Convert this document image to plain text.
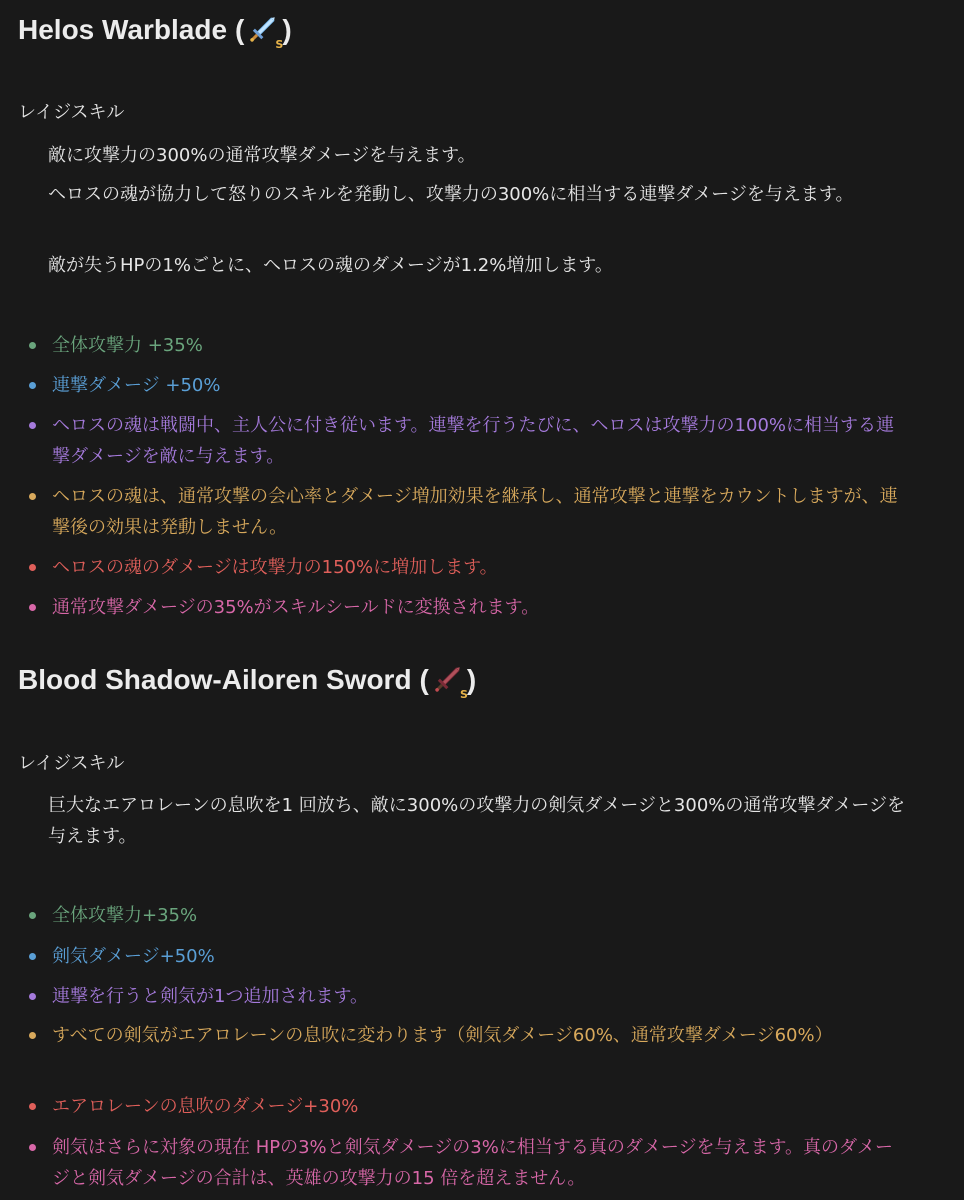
Helos Warblade (	S )
レイジスキル
敵に攻撃力の300%の通常攻撃ダメージを与えます。
ヘロスの魂が協力して怒りのスキルを発動し、攻撃力の300%に相当する連撃ダメージを与えます。
敵が失うHPの1%ごとに、ヘロスの魂のダメージが1.2%増加します。
全体攻撃力 +35%
連撃ダメージ +50%
ヘロスの魂は戦闘中、主人公に付き従います。連撃を行うたびに、ヘロスは攻撃力の100%に相当する連撃ダメージを敵に与えます。
ヘロスの魂は、通常攻撃の会心率とダメージ増加効果を継承し、通常攻撃と連撃をカウントしますが、連撃後の効果は発動しません。
ヘロスの魂のダメージは攻撃力の150%に増加します。
通常攻撃ダメージの35%がスキルシールドに変換されます。
Blood Shadow-Ailoren Sword (	S )
レイジスキル
巨大なエアロレーンの息吹を1 回放ち、敵に300%の攻撃力の剣気ダメージと300%の通常攻撃ダメージを与えます。
全体攻撃力+35%
剣気ダメージ+50%
連撃を行うと剣気が1つ追加されます。
すべての剣気がエアロレーンの息吹に変わります（剣気ダメージ60%、通常攻撃ダメージ60%）
エアロレーンの息吹のダメージ+30%
剣気はさらに対象の現在 HPの3%と剣気ダメージの3%に相当する真のダメージを与えます。真のダメージと剣気ダメージの合計は、英雄の攻撃力の15 倍を超えません。
